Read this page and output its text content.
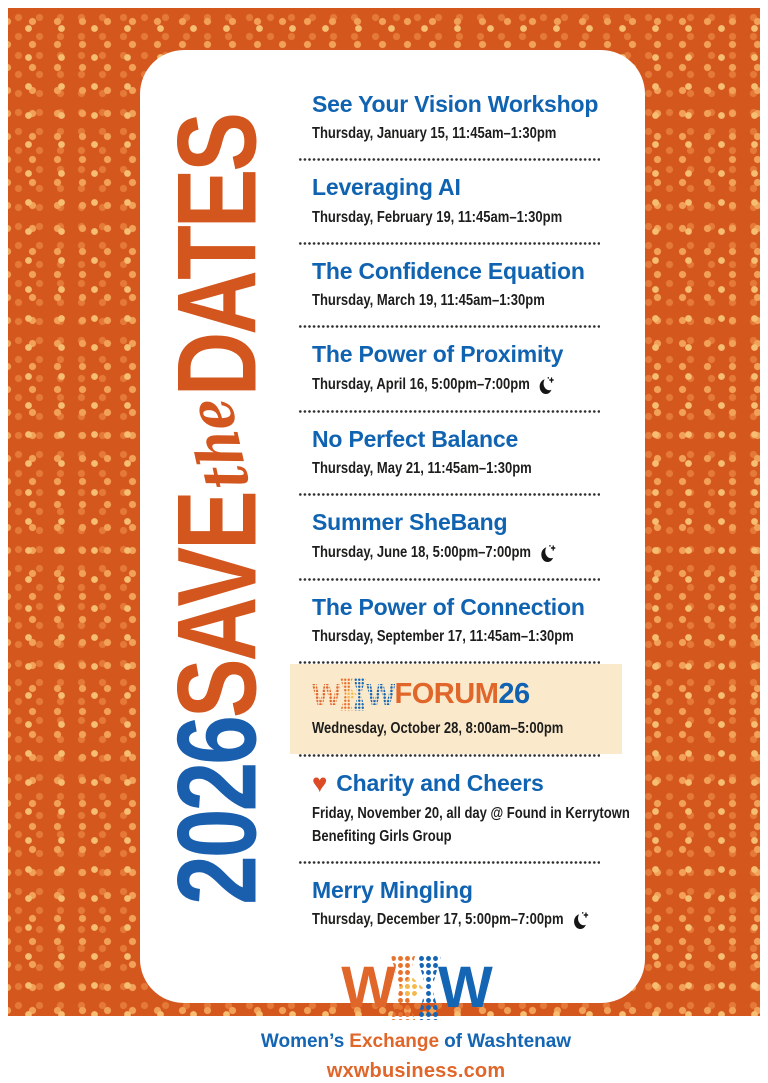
2026SAVEtheDATES
See Your Vision Workshop
Thursday, January 15, 11:45am–1:30pm
Leveraging AI
Thursday, February 19, 11:45am–1:30pm
The Confidence Equation
Thursday, March 19, 11:45am–1:30pm
The Power of Proximity
Thursday, April 16, 5:00pm–7:00pm
No Perfect Balance
Thursday, May 21, 11:45am–1:30pm
Summer SheBang
Thursday, June 18, 5:00pm–7:00pm
The Power of Connection
Thursday, September 17, 11:45am–1:30pm
W W FORUM 26
Wednesday, October 28, 8:00am–5:00pm
♥ Charity and Cheers
Friday, November 20, all day @ Found in Kerrytown
Benefiting Girls Group
Merry Mingling
Thursday, December 17, 5:00pm–7:00pm
W W
Women’s Exchange of Washtenaw
wxwbusiness.com
